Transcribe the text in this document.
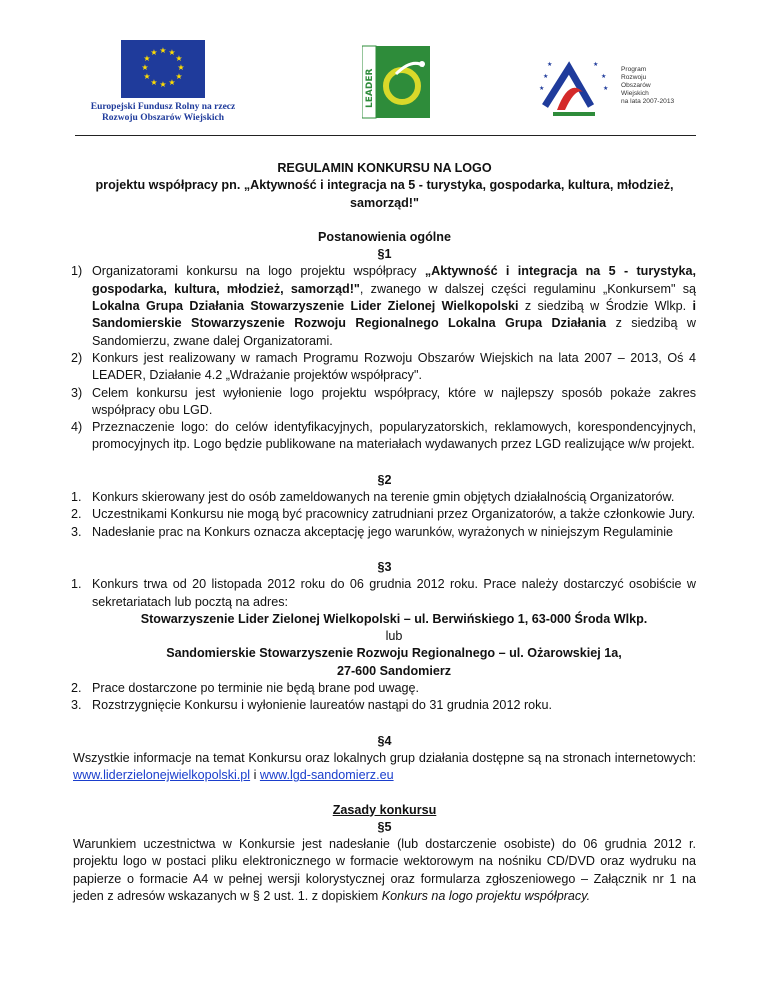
★ ★
★
★
★
★
★
★
★
★
★
★
Europejski Fundusz Rolny na rzecz
Rozwoju Obszarów Wiejskich
LEADER	★
★
★	★
★
★
Program
Rozwoju
Obszarów
Wiejskich
na lata 2007-2013
REGULAMIN KONKURSU NA LOGO
projektu współpracy pn. „Aktywność i integracja na 5 - turystyka, gospodarka, kultura, młodzież,
samorząd!"
Postanowienia ogólne
§1
1) Organizatorami konkursu na logo projektu współpracy „Aktywność i integracja na 5 - turystyka, gospodarka, kultura, młodzież, samorząd!", zwanego w dalszej części regulaminu „Konkursem" są Lokalna Grupa Działania Stowarzyszenie Lider Zielonej Wielkopolski z siedzibą w Środzie Wlkp. i Sandomierskie Stowarzyszenie Rozwoju Regionalnego Lokalna Grupa Działania z siedzibą w Sandomierzu, zwane dalej Organizatorami.
2) Konkurs jest realizowany w ramach Programu Rozwoju Obszarów Wiejskich na lata 2007 – 2013, Oś 4 LEADER, Działanie 4.2 „Wdrażanie projektów współpracy".
3) Celem konkursu jest wyłonienie logo projektu współpracy, które w najlepszy sposób pokaże zakres współpracy obu LGD.
4) Przeznaczenie logo: do celów identyfikacyjnych, popularyzatorskich, reklamowych, korespondencyjnych, promocyjnych itp. Logo będzie publikowane na materiałach wydawanych przez LGD realizujące w/w projekt.
§2
1. Konkurs skierowany jest do osób zameldowanych na terenie gmin objętych działalnością Organizatorów.
2. Uczestnikami Konkursu nie mogą być pracownicy zatrudniani przez Organizatorów, a także członkowie Jury.
3. Nadesłanie prac na Konkurs oznacza akceptację jego warunków, wyrażonych w niniejszym Regulaminie
§3
1. Konkurs trwa od 20 listopada 2012 roku do 06 grudnia 2012 roku. Prace należy dostarczyć osobiście w sekretariatach lub pocztą na adres:
Stowarzyszenie Lider Zielonej Wielkopolski – ul. Berwińskiego 1, 63-000 Środa Wlkp.
lub
Sandomierskie Stowarzyszenie Rozwoju Regionalnego – ul. Ożarowskiej 1a,
27-600 Sandomierz
2. Prace dostarczone po terminie nie będą brane pod uwagę.
3. Rozstrzygnięcie Konkursu i wyłonienie laureatów nastąpi do 31 grudnia 2012 roku.
§4

Wszystkie informacje na temat Konkursu oraz lokalnych grup działania dostępne są na stronach internetowych: www.liderzielonejwielkopolski.pl i www.lgd-sandomierz.eu

Zasady konkursu
§5

Warunkiem uczestnictwa w Konkursie jest nadesłanie (lub dostarczenie osobiste) do 06 grudnia 2012 r. projektu logo w postaci pliku elektronicznego w formacie wektorowym na nośniku CD/DVD oraz wydruku na papierze o formacie A4 w pełnej wersji kolorystycznej oraz formularza zgłoszeniowego – Załącznik nr 1 na jeden z adresów wskazanych w § 2 ust. 1. z dopiskiem Konkurs na logo projektu współpracy.
